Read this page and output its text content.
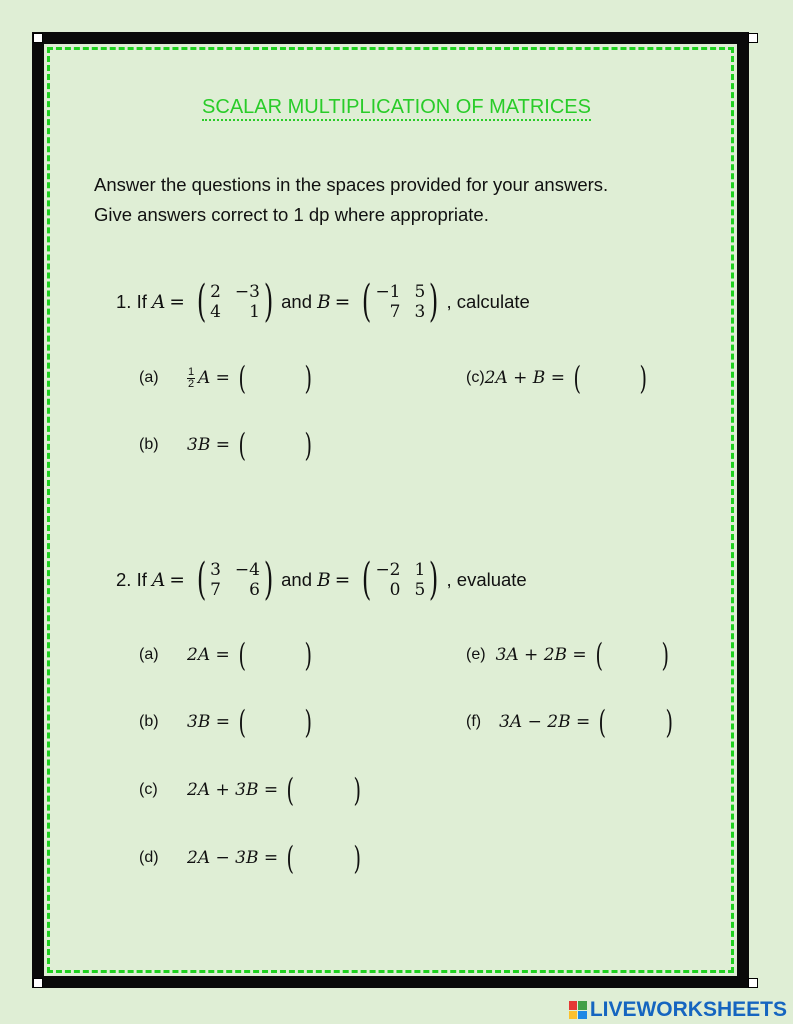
SCALAR MULTIPLICATION OF MATRICES
Answer the questions in the spaces provided for your answers.
Give answers correct to 1 dp where appropriate.
1.
If
A = ( 2 −3
4	1 ) and
B = ( −1 5
7 3 ) , calculate
(a)	$\frac{1}{2}$ A = ( )
(b)	3B = ( )
(c) 2A + B = ( )
2.
If
A = ( 3 −4
7	6 ) and
B = ( −2 1
0 5 ) , evaluate
(a)	2A = ( )
(b)	3B = ( )
(c)	2A + 3B = ( )
(d)	2A − 3B = ( )
(e) 3A + 2B = ( )
(f) 3A − 2B = ( )
LIVEWORKSHEETS
